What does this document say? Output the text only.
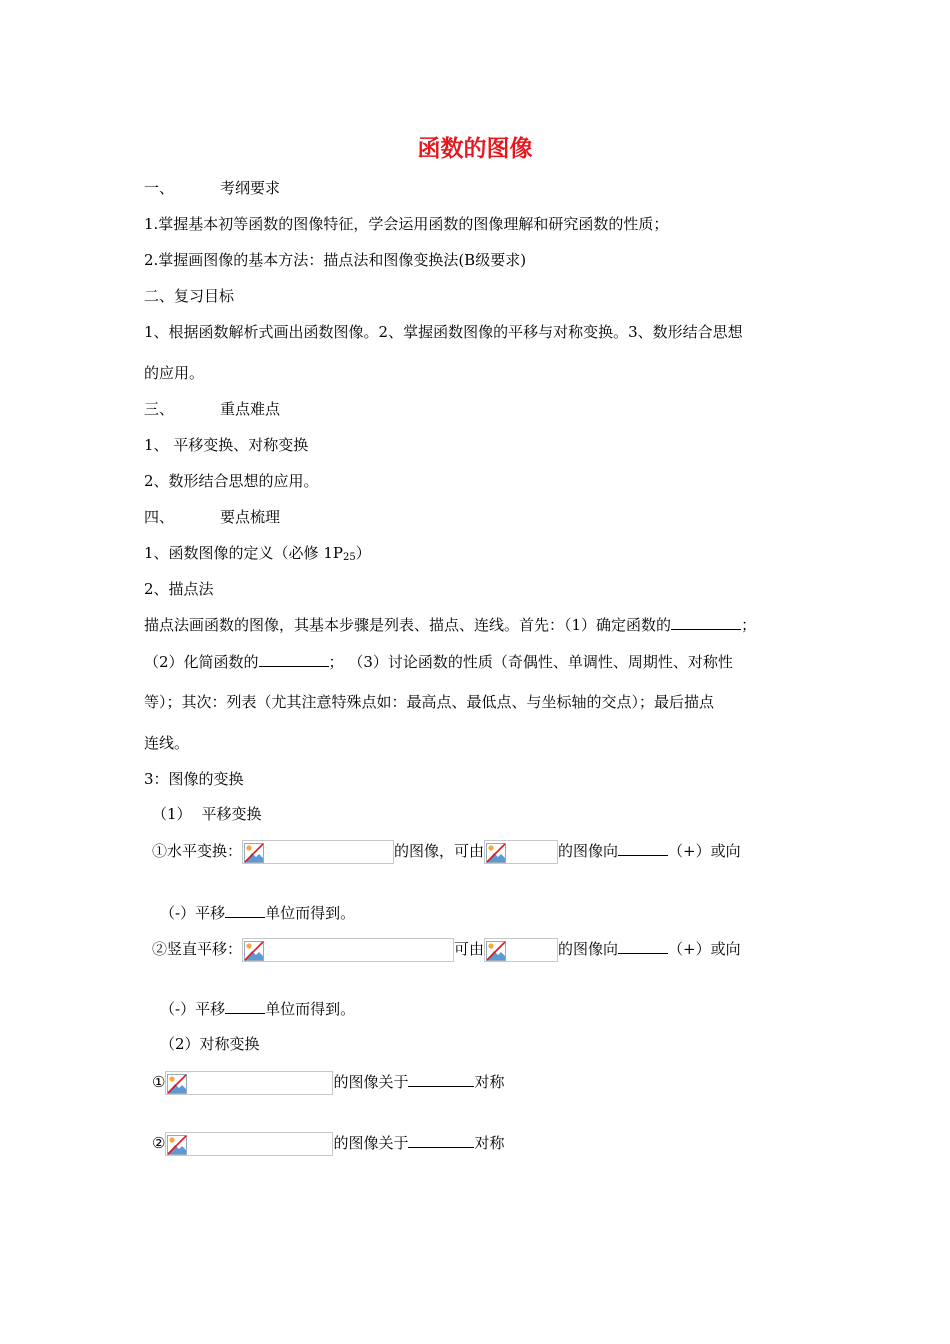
函数的图像
一、	考纲要求
1.掌握基本初等函数的图像特征，学会运用函数的图像理解和研究函数的性质；
2.掌握画图像的基本方法：描点法和图像变换法(B级要求)
二、复习目标
1、根据函数解析式画出函数图像。2、掌握函数图像的平移与对称变换。3、数形结合思想
的应用。
三、	重点难点
1、 平移变换、对称变换
2、数形结合思想的应用。
四、	要点梳理
1、函数图像的定义（必修 $1P_{25}$）
2、描点法
描点法画函数的图像，其基本步骤是列表、描点、连线。首先：（1）确定函数的	；
（2）化简函数的	； （3）讨论函数的性质（奇偶性、单调性、周期性、对称性
等）；其次：列表（尤其注意特殊点如：最高点、最低点、与坐标轴的交点）；最后描点
连线。
3：图像的变换
（1） 平移变换
①水平变换：	的图像，可由	的图像向	（+）或向
（-）平移	单位而得到。
②竖直平移：	可由	的图像向	（+）或向
（-）平移	单位而得到。
（2）对称变换
①	的图像关于	对称
②	的图像关于	对称
